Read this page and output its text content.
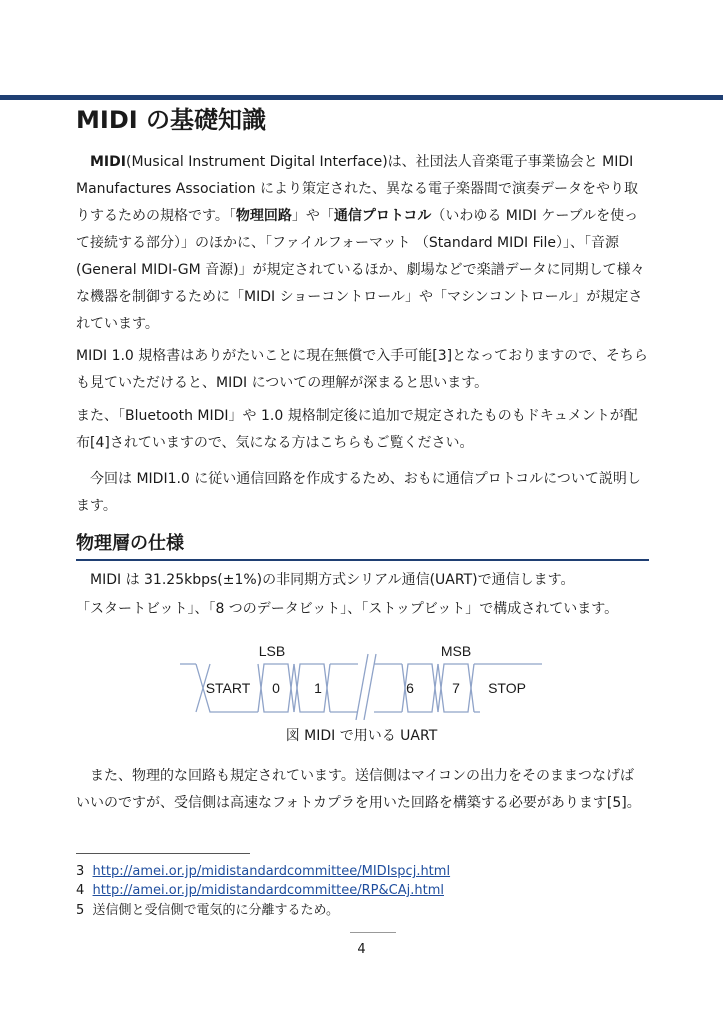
MIDI の基礎知識

MIDI(Musical Instrument Digital Interface)は、社団法人音楽電子事業協会と MIDI Manufactures Association により策定された、異なる電子楽器間で演奏データをやり取りするための規格です。「物理回路」や「通信プロトコル（いわゆる MIDI ケーブルを使って接続する部分）」のほかに、「ファイルフォーマット （Standard MIDI File）」、「音源(General MIDI-GM 音源)」が規定されているほか、劇場などで楽譜データに同期して様々な機器を制御するために「MIDI ショーコントロール」や「マシンコントロール」が規定されています。

MIDI 1.0 規格書はありがたいことに現在無償で入手可能[3]となっておりますので、そちらも見ていただけると、MIDI についての理解が深まると思います。

また、「Bluetooth MIDI」や 1.0 規格制定後に追加で規定されたものもドキュメントが配布[4]されていますので、気になる方はこちらもご覧ください。

今回は MIDI1.0 に従い通信回路を作成するため、おもに通信プロトコルについて説明します。

物理層の仕様

MIDI は 31.25kbps(±1%)の非同期方式シリアル通信(UART)で通信します。

「スタートビット」、「8 つのデータビット」、「ストップビット」で構成されています。

LSB	MSB
START 0 1	6	7 STOP
図 MIDI で用いる UART

また、物理的な回路も規定されています。送信側はマイコンの出力をそのままつなげばいいのですが、受信側は高速なフォトカプラを用いた回路を構築する必要があります[5]。

3 http://amei.or.jp/midistandardcommittee/MIDIspcj.html
4 http://amei.or.jp/midistandardcommittee/RP&CAj.html
5 送信側と受信側で電気的に分離するため。
4
